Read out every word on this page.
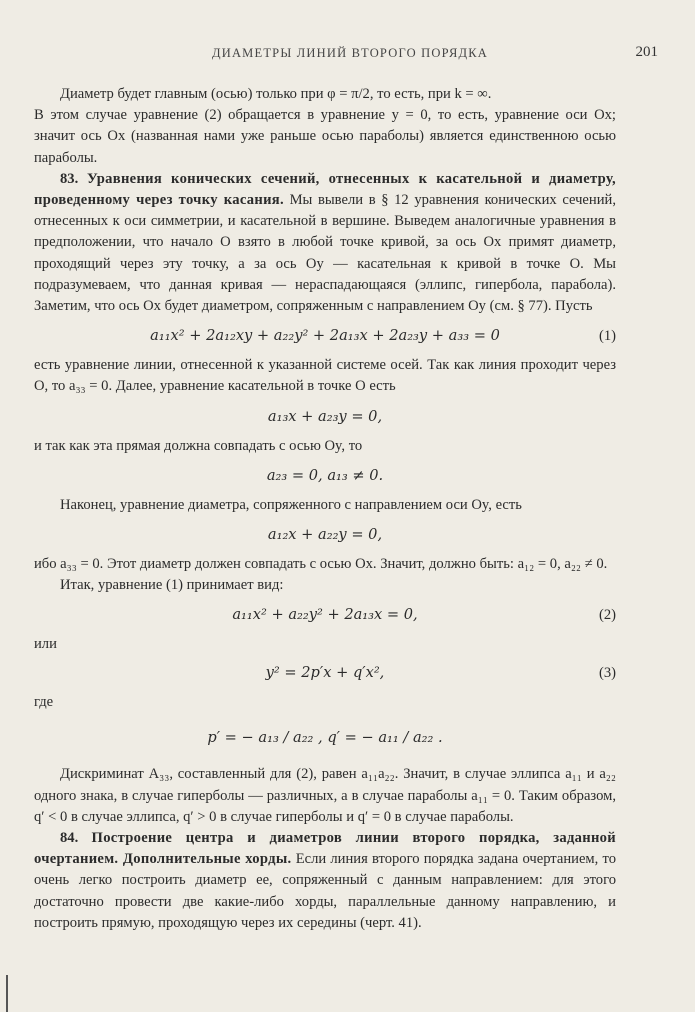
ДИАМЕТРЫ ЛИНИЙ ВТОРОГО ПОРЯДКА	201

Диаметр будет главным (осью) только при φ = π/2, то есть, при k = ∞.

В этом случае уравнение (2) обращается в уравнение y = 0, то есть, уравнение оси Ox; значит ось Ox (названная нами уже раньше осью параболы) является единственною осью параболы.

83. Уравнения конических сечений, отнесенных к касательной и диаметру, проведенному через точку касания. Мы вывели в § 12 уравнения конических сечений, отнесенных к оси симметрии, и касательной в вершине. Выведем аналогичные уравнения в предположении, что начало O взято в любой точке кривой, за ось Ox примят диаметр, проходящий через эту точку, а за ось Oy — касательная к кривой в точке O. Мы подразумеваем, что данная кривая — нераспадающаяся (эллипс, гипербола, парабола). Заметим, что ось Ox будет диаметром, сопряженным с направлением Oy (см. § 77). Пусть

a₁₁x² + 2a₁₂xy + a₂₂y² + 2a₁₃x + 2a₂₃y + a₃₃ = 0	(1)

есть уравнение линии, отнесенной к указанной системе осей. Так как линия проходит через O, то a₃₃ = 0. Далее, уравнение касательной в точке O есть

a₁₃x + a₂₃y = 0,

и так как эта прямая должна совпадать с осью Oy, то

a₂₃ = 0, a₁₃ ≠ 0.

Наконец, уравнение диаметра, сопряженного с направлением оси Oy, есть

a₁₂x + a₂₂y = 0,

ибо a₃₃ = 0. Этот диаметр должен совпадать с осью Ox. Значит, должно быть: a₁₂ = 0, a₂₂ ≠ 0.

Итак, уравнение (1) принимает вид:

a₁₁x² + a₂₂y² + 2a₁₃x = 0,	(2)

или

y² = 2p′x + q′x²,	(3)

где

p′ = − a₁₃ / a₂₂ , q′ = − a₁₁ / a₂₂ .

Дискриминат A₃₃, составленный для (2), равен a₁₁a₂₂. Значит, в случае эллипса a₁₁ и a₂₂ одного знака, в случае гиперболы — различных, а в случае параболы a₁₁ = 0. Таким образом, q′ < 0 в случае эллипса, q′ > 0 в случае гиперболы и q′ = 0 в случае параболы.

84. Построение центра и диаметров линии второго порядка, заданной очертанием. Дополнительные хорды. Если линия второго порядка задана очертанием, то очень легко построить диаметр ее, сопряженный с данным направлением: для этого достаточно провести две какие-либо хорды, параллельные данному направлению, и построить прямую, проходящую через их середины (черт. 41).
